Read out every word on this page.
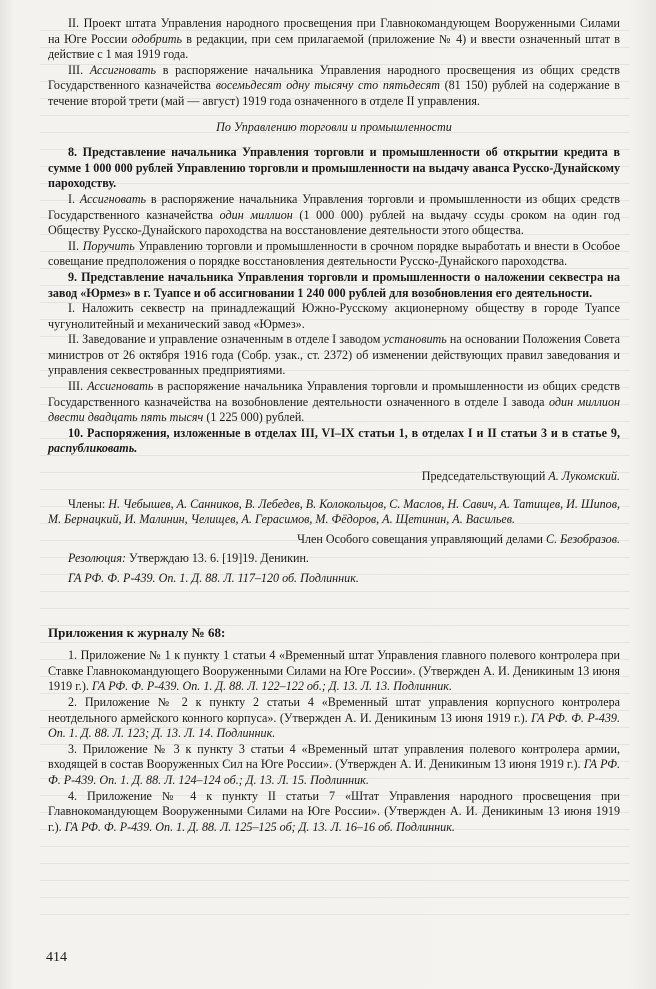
II. Проект штата Управления народного просвещения при Главнокомандующем Вооруженными Силами на Юге России одобрить в редакции, при сем прилагаемой (приложение № 4) и ввести означенный штат в действие с 1 мая 1919 года.

III. Ассигновать в распоряжение начальника Управления народного просвещения из общих средств Государственного казначейства восемьдесят одну тысячу сто пятьдесят (81 150) рублей на содержание в течение второй трети (май — август) 1919 года означенного в отделе II управления.

По Управлению торговли и промышленности

8. Представление начальника Управления торговли и промышленности об открытии кредита в сумме 1 000 000 рублей Управлению торговли и промышленности на выдачу аванса Русско-Дунайскому пароходству.

I. Ассигновать в распоряжение начальника Управления торговли и промышленности из общих средств Государственного казначейства один миллион (1 000 000) рублей на выдачу ссуды сроком на один год Обществу Русско-Дунайского пароходства на восстановление деятельности этого общества.

II. Поручить Управлению торговли и промышленности в срочном порядке выработать и внести в Особое совещание предположения о порядке восстановления деятельности Русско-Дунайского пароходства.

9. Представление начальника Управления торговли и промышленности о наложении секвестра на завод «Юрмез» в г. Туапсе и об ассигновании 1 240 000 рублей для возобновления его деятельности.

I. Наложить секвестр на принадлежащий Южно-Русскому акционерному обществу в городе Туапсе чугунолитейный и механический завод «Юрмез».

II. Заведование и управление означенным в отделе I заводом установить на основании Положения Совета министров от 26 октября 1916 года (Собр. узак., ст. 2372) об изменении действующих правил заведования и управления секвестрованных предприятиями.

III. Ассигновать в распоряжение начальника Управления торговли и промышленности из общих средств Государственного казначейства на возобновление деятельности означенного в отделе I завода один миллион двести двадцать пять тысяч (1 225 000) рублей.

10. Распоряжения, изложенные в отделах III, VI–IX статьи 1, в отделах I и II статьи 3 и в статье 9, распубликовать.

Председательствующий А. Лукомский.

Члены: Н. Чебышев, А. Санников, В. Лебедев, В. Колокольцов, С. Маслов, Н. Савич, А. Татищев, И. Шипов, М. Бернацкий, И. Малинин, Челищев, А. Герасимов, М. Фёдоров, А. Щетинин, А. Васильев.

Член Особого совещания управляющий делами С. Безобразов.

Резолюция: Утверждаю 13. 6. [19]19. Деникин.

ГА РФ. Ф. Р-439. Оп. 1. Д. 88. Л. 117–120 об. Подлинник.

Приложения к журналу № 68:

1. Приложение № 1 к пункту 1 статьи 4 «Временный штат Управления главного полевого контролера при Ставке Главнокомандующего Вооруженными Силами на Юге России». (Утвержден А. И. Деникиным 13 июня 1919 г.). ГА РФ. Ф. Р-439. Оп. 1. Д. 88. Л. 122–122 об.; Д. 13. Л. 13. Подлинник.

2. Приложение № 2 к пункту 2 статьи 4 «Временный штат управления корпусного контролера неотдельного армейского конного корпуса». (Утвержден А. И. Деникиным 13 июня 1919 г.). ГА РФ. Ф. Р-439. Оп. 1. Д. 88. Л. 123; Д. 13. Л. 14. Подлинник.

3. Приложение № 3 к пункту 3 статьи 4 «Временный штат управления полевого контролера армии, входящей в состав Вооруженных Сил на Юге России». (Утвержден А. И. Деникиным 13 июня 1919 г.). ГА РФ. Ф. Р-439. Оп. 1. Д. 88. Л. 124–124 об.; Д. 13. Л. 15. Подлинник.

4. Приложение № 4 к пункту II статьи 7 «Штат Управления народного просвещения при Главнокомандующем Вооруженными Силами на Юге России». (Утвержден А. И. Деникиным 13 июня 1919 г.). ГА РФ. Ф. Р-439. Оп. 1. Д. 88. Л. 125–125 об; Д. 13. Л. 16–16 об. Подлинник.

414
